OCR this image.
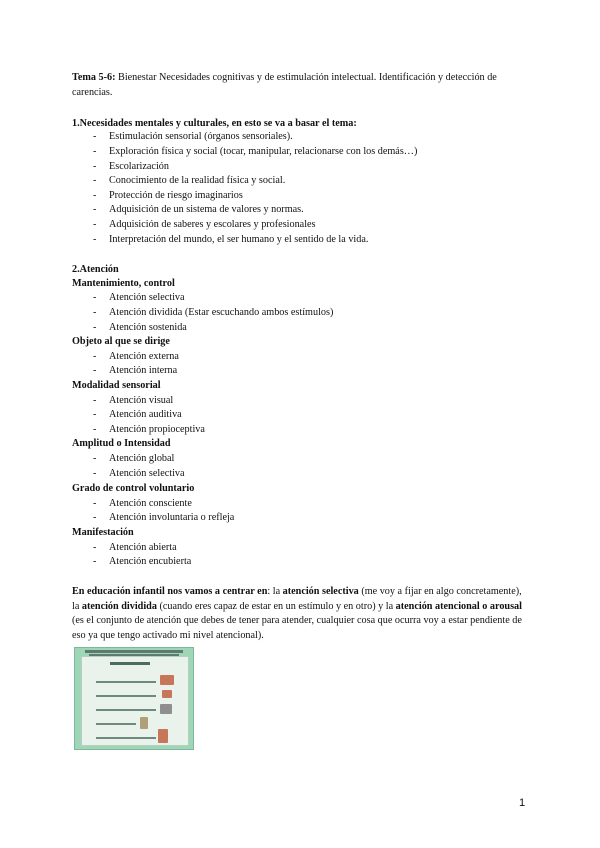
Tema 5-6: Bienestar Necesidades cognitivas y de estimulación intelectual. Identificación y detección de carencias.
1.Necesidades mentales y culturales, en esto se va a basar el tema:
- Estimulación sensorial (órganos sensoriales).
- Exploración física y social (tocar, manipular, relacionarse con los demás…)
- Escolarización
- Conocimiento de la realidad física y social.
- Protección de riesgo imaginarios
- Adquisición de un sistema de valores y normas.
- Adquisición de saberes y escolares y profesionales
- Interpretación del mundo, el ser humano y el sentido de la vida.
2.Atención
Mantenimiento, control
- Atención selectiva
- Atención dividida (Estar escuchando ambos estímulos)
- Atención sostenida
Objeto al que se dirige
- Atención externa
- Atención interna
Modalidad sensorial
- Atención visual
- Atención auditiva
- Atención propioceptiva
Amplitud o Intensidad
- Atención global
- Atención selectiva
Grado de control voluntario
- Atención consciente
- Atención involuntaria o refleja
Manifestación
- Atención abierta
- Atención encubierta
En educación infantil nos vamos a centrar en: la atención selectiva (me voy a fijar en algo concretamente), la atención dividida (cuando eres capaz de estar en un estímulo y en otro) y la atención atencional o arousal (es el conjunto de atención que debes de tener para atender, cualquier cosa que ocurra voy a estar pendiente de eso ya que tengo activado mi nivel atencional).
1
